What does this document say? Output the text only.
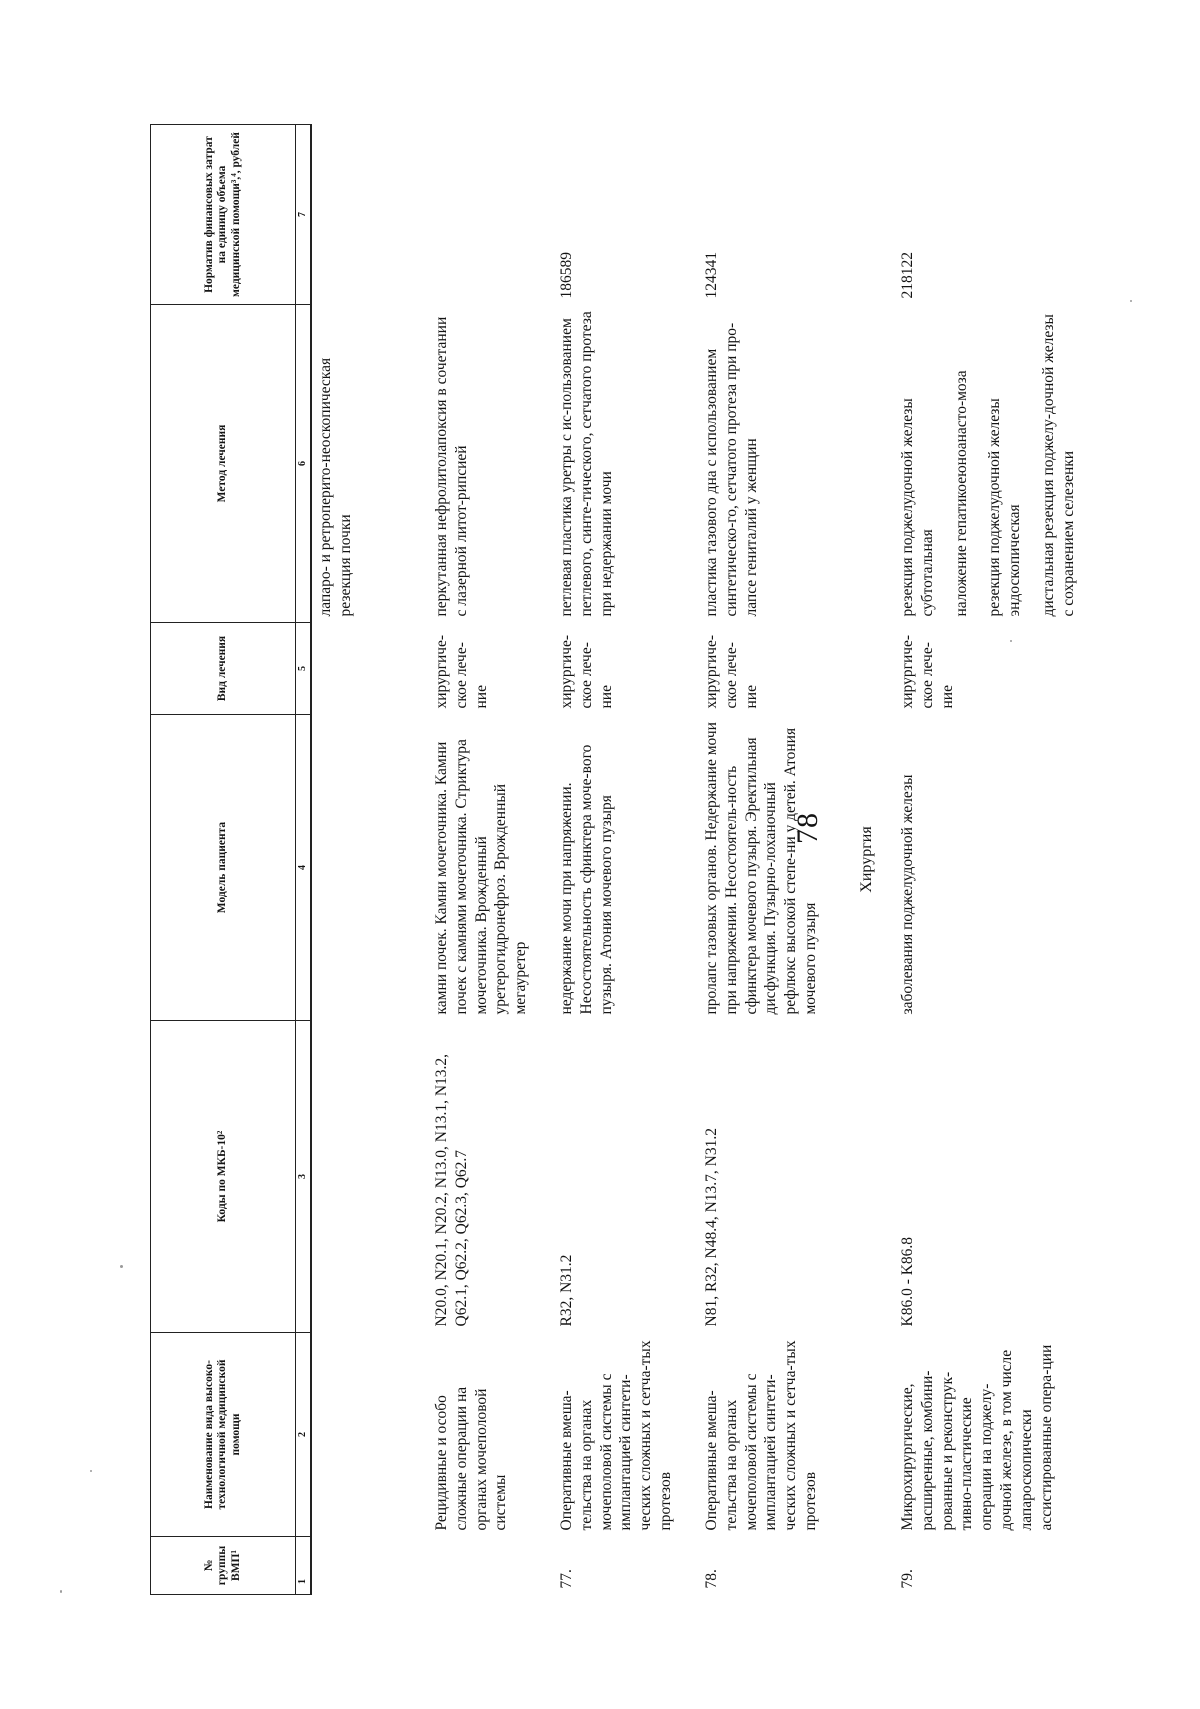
78
№ группы ВМП¹	Наименование вида высоко-технологичной медицинской помощи	Коды по МКБ-10²	Модель пациента	Вид лечения	Метод лечения	Норматив финансовых затрат на единицу объема медицинской помощи³,⁴, рублей
1	2	3	4	5	6	7
					лапаро- и ретроперито-неоскопическая резекция почки	
	Рецидивные и особо сложные операции на органах мочеполовой системы	N20.0, N20.1, N20.2, N13.0, N13.1, N13.2, Q62.1, Q62.2, Q62.3, Q62.7	камни почек. Камни мочеточника. Камни почек с камнями мочеточника. Стриктура мочеточника. Врожденный уретерогидронефроз. Врожденный мегауретер	хирургиче-ское лече-ние	перкутанная нефролитолапоксия в сочетании с лазерной литот-рипсией	

77.	Оперативные вмеша-тельства на органах мочеполовой системы с имплантацией синтети-ческих сложных и сетча-тых протезов	R32, N31.2	недержание мочи при напряжении. Несостоятельность сфинктера моче-вого пузыря. Атония мочевого пузыря	хирургиче-ское лече-ние	петлевая пластика уретры с ис-пользованием петлевого, синте-тического, сетчатого протеза при недержании мочи	186589
78.	Оперативные вмеша-тельства на органах мочеполовой системы с имплантацией синтети-ческих сложных и сетча-тых протезов	N81, R32, N48.4, N13.7, N31.2	пролапс тазовых органов. Недержание мочи при напряжении. Несостоятель-ность сфинктера мочевого пузыря. Эректильная дисфункция. Пузырно-лоханочный рефлюкс высокой степе-ни у детей. Атония мочевого пузыря	хирургиче-ское лече-ние	пластика тазового дна с использованием синтетическо-го, сетчатого протеза при про-лапсе гениталий у женщин	124341
Хирургия						
79.	Микрохирургические, расширенные, комбини-рованные и реконструк-тивно-пластические операции на поджелу-дочной железе, в том числе лапароскопически ассистированные опера-ции	K86.0 - K86.8	заболевания поджелудочной железы	хирургиче-ское лече-ние	резекция поджелудочной железы субтотальная наложение гепатикоеюноанасто-моза резекция поджелудочной железы эндоскопическая дистальная резекция поджелу-дочной железы с сохранением селезенки	218122
